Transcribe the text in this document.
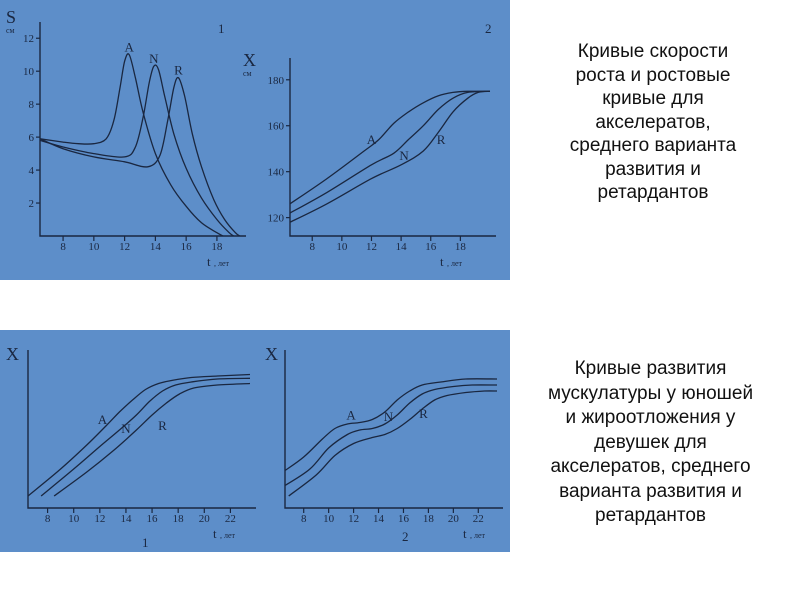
8 10 12 14 16 18
2
4
6
8
10
12
A
N
R
S
см
t , лет
1
8 10 12 14 16 18
120
140
160
180
A
N
R
X
см
t , лет
2
8 10 12 14 16 18 20 22
A
N R
X
t , лет
1
8 10 12 14 16 18 20 22
A N R
X
t , лет
2
Кривые скорости
роста и ростовые
кривые для
акселератов,
среднего варианта
развития и
ретардантов
Кривые развития
мускулатуры у юношей
и жироотложения у
девушек для
акселератов, среднего
варианта развития и
ретардантов
